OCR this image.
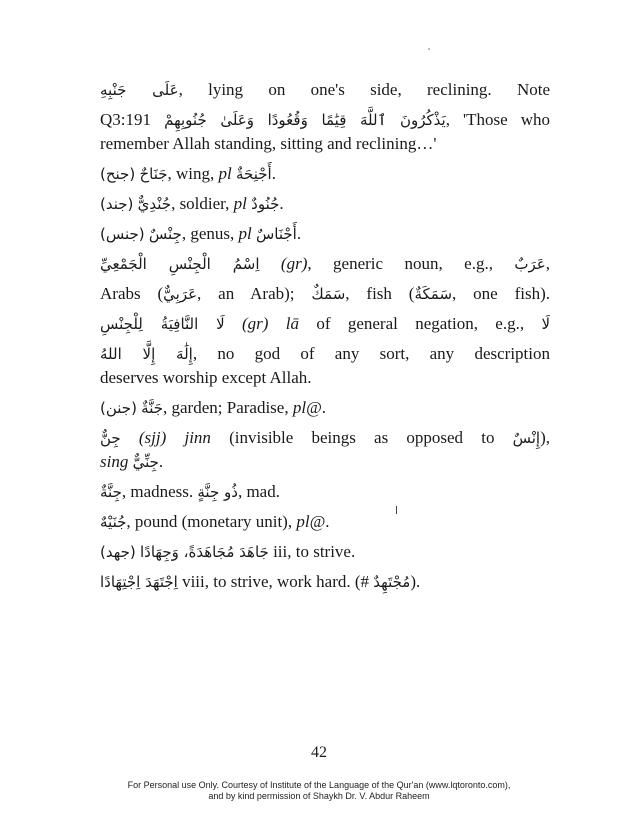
عَلَى جَنْبِهِ, lying on one's side, reclining. Note
Q3:191 يَذْكُرُونَ ٱللَّهَ قِيَٰمًا وَقُعُودًا وَعَلَىٰ جُنُوبِهِمْ, 'Those who
remember Allah standing, sitting and reclining…'
(جنح) جَنَاحٌ, wing, pl أَجْنِحَةٌ.
(جند) جُنْدِيٌّ, soldier, pl جُنُودٌ.
(جنس) جِنْسٌ, genus, pl أَجْنَاسٌ.
اِسْمُ الْجِنْسِ الْجَمْعِيِّ (gr), generic noun, e.g., عَرَبٌ,
Arabs (عَرَبِيٌّ, an Arab); سَمَكٌ, fish (سَمَكَةٌ, one fish).
لَا النَّافِيَةُ لِلْجِنْسِ (gr) lā of general negation, e.g., لَا
إِلَٰهَ إِلَّا اللهُ, no god of any sort, any description
deserves worship except Allah.
(جنن) جَنَّةٌ, garden; Paradise, pl@.
جِنٌّ (sjj) jinn (invisible beings as opposed to إِنْسٌ),
sing جِنِّيٌّ.
جِنَّةٌ, madness. ذُو جِنَّةٍ, mad.
جُنَيْهٌ, pound (monetary unit), pl@.
(جهد) جَاهَدَ مُجَاهَدَةً، وَجِهَادًا iii, to strive.
اِجْتَهَدَ اِجْتِهَادًا viii, to strive, work hard. (# مُجْتَهِدٌ).
42
For Personal use Only. Courtesy of Institute of the Language of the Qur'an (www.lqtoronto.com),
and by kind permission of Shaykh Dr. V. Abdur Raheem
